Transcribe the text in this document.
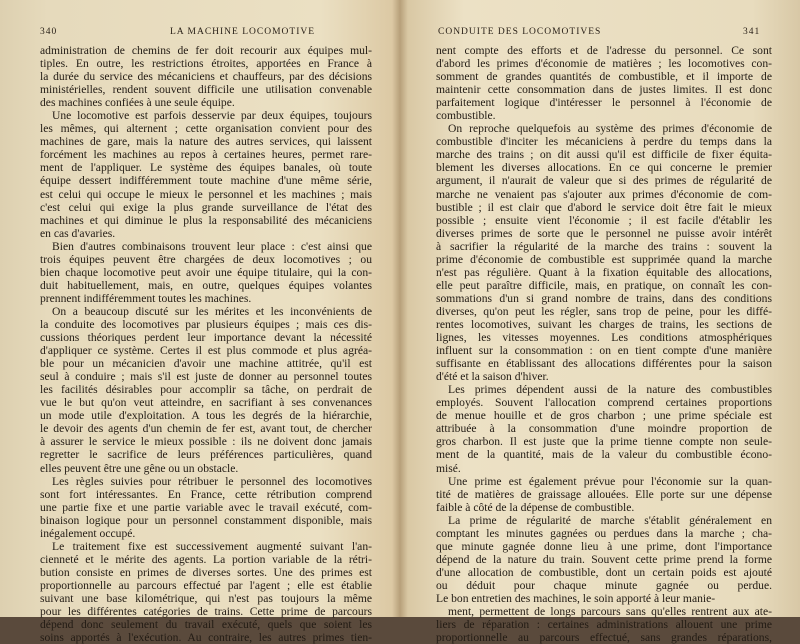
340	LA MACHINE LOCOMOTIVE
administration de chemins de fer doit recourir aux équipes mul-
tiples. En outre, les restrictions étroites, apportées en France à
la durée du service des mécaniciens et chauffeurs, par des décisions
ministérielles, rendent souvent difficile une utilisation convenable
des machines confiées à une seule équipe.
Une locomotive est parfois desservie par deux équipes, toujours
les mêmes, qui alternent ; cette organisation convient pour des
machines de gare, mais la nature des autres services, qui laissent
forcément les machines au repos à certaines heures, permet rare-
ment de l'appliquer. Le système des équipes banales, où toute
équipe dessert indifféremment toute machine d'une même série,
est celui qui occupe le mieux le personnel et les machines ; mais
c'est celui qui exige la plus grande surveillance de l'état des
machines et qui diminue le plus la responsabilité des mécaniciens
en cas d'avaries.
Bien d'autres combinaisons trouvent leur place : c'est ainsi que
trois équipes peuvent être chargées de deux locomotives ; ou
bien chaque locomotive peut avoir une équipe titulaire, qui la con-
duit habituellement, mais, en outre, quelques équipes volantes
prennent indifféremment toutes les machines.
On a beaucoup discuté sur les mérites et les inconvénients de
la conduite des locomotives par plusieurs équipes ; mais ces dis-
cussions théoriques perdent leur importance devant la nécessité
d'appliquer ce système. Certes il est plus commode et plus agréa-
ble pour un mécanicien d'avoir une machine attitrée, qu'il est
seul à conduire ; mais s'il est juste de donner au personnel toutes
les facilités désirables pour accomplir sa tâche, on perdrait de
vue le but qu'on veut atteindre, en sacrifiant à ses convenances
un mode utile d'exploitation. A tous les degrés de la hiérarchie,
le devoir des agents d'un chemin de fer est, avant tout, de chercher
à assurer le service le mieux possible : ils ne doivent donc jamais
regretter le sacrifice de leurs préférences particulières, quand
elles peuvent être une gêne ou un obstacle.
Les règles suivies pour rétribuer le personnel des locomotives
sont fort intéressantes. En France, cette rétribution comprend
une partie fixe et une partie variable avec le travail exécuté, com-
binaison logique pour un personnel constamment disponible, mais
inégalement occupé.
Le traitement fixe est successivement augmenté suivant l'an-
cienneté et le mérite des agents. La portion variable de la rétri-
bution consiste en primes de diverses sortes. Une des primes est
proportionnelle au parcours effectué par l'agent ; elle est établie
suivant une base kilométrique, qui n'est pas toujours la même
pour les différentes catégories de trains. Cette prime de parcours
dépend donc seulement du travail exécuté, quels que soient les
soins apportés à l'exécution. Au contraire, les autres primes tien-
CONDUITE DES LOCOMOTIVES	341
nent compte des efforts et de l'adresse du personnel. Ce sont
d'abord les primes d'économie de matières ; les locomotives con-
somment de grandes quantités de combustible, et il importe de
maintenir cette consommation dans de justes limites. Il est donc
parfaitement logique d'intéresser le personnel à l'économie de
combustible.
On reproche quelquefois au système des primes d'économie de
combustible d'inciter les mécaniciens à perdre du temps dans la
marche des trains ; on dit aussi qu'il est difficile de fixer équita-
blement les diverses allocations. En ce qui concerne le premier
argument, il n'aurait de valeur que si des primes de régularité de
marche ne venaient pas s'ajouter aux primes d'économie de com-
bustible ; il est clair que d'abord le service doit être fait le mieux
possible ; ensuite vient l'économie ; il est facile d'établir les
diverses primes de sorte que le personnel ne puisse avoir intérêt
à sacrifier la régularité de la marche des trains : souvent la
prime d'économie de combustible est supprimée quand la marche
n'est pas régulière. Quant à la fixation équitable des allocations,
elle peut paraître difficile, mais, en pratique, on connaît les con-
sommations d'un si grand nombre de trains, dans des conditions
diverses, qu'on peut les régler, sans trop de peine, pour les diffé-
rentes locomotives, suivant les charges de trains, les sections de
lignes, les vitesses moyennes. Les conditions atmosphériques
influent sur la consommation : on en tient compte d'une manière
suffisante en établissant des allocations différentes pour la saison
d'été et la saison d'hiver.
Les primes dépendent aussi de la nature des combustibles
employés. Souvent l'allocation comprend certaines proportions
de menue houille et de gros charbon ; une prime spéciale est
attribuée à la consommation d'une moindre proportion de
gros charbon. Il est juste que la prime tienne compte non seule-
ment de la quantité, mais de la valeur du combustible écono-
misé.
Une prime est également prévue pour l'économie sur la quan-
tité de matières de graissage allouées. Elle porte sur une dépense
faible à côté de la dépense de combustible.
La prime de régularité de marche s'établit généralement en
comptant les minutes gagnées ou perdues dans la marche ; cha-
que minute gagnée donne lieu à une prime, dont l'importance
dépend de la nature du train. Souvent cette prime prend la forme
d'une allocation de combustible, dont un certain poids est ajouté
ou déduit pour chaque minute gagnée ou perdue.
Le bon entretien des machines, le soin apporté à leur manie-
ment, permettent de longs parcours sans qu'elles rentrent aux ate-
liers de réparation : certaines administrations allouent une prime
proportionnelle au parcours effectué, sans grandes réparations,
